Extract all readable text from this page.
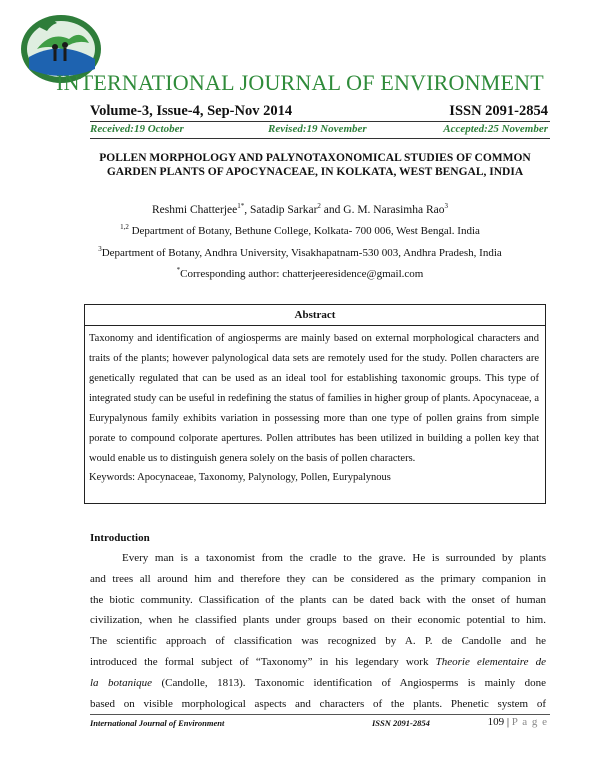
INTERNATIONAL JOURNAL OF ENVIRONMENT
Volume-3, Issue-4, Sep-Nov 2014	ISSN 2091-2854
Received:19 October	Revised:19 November	Accepted:25 November
POLLEN MORPHOLOGY AND PALYNOTAXONOMICAL STUDIES OF COMMON GARDEN PLANTS OF APOCYNACEAE, IN KOLKATA, WEST BENGAL, INDIA
Reshmi Chatterjee$^{1*}$, Satadip Sarkar$^2$ and G. M. Narasimha Rao$^3$
$^{1,2}$ Department of Botany, Bethune College, Kolkata- 700 006, West Bengal. India
$^3$Department of Botany, Andhra University, Visakhapatnam-530 003, Andhra Pradesh, India
*Corresponding author: chatterjeeresidence@gmail.com
Abstract
Taxonomy and identification of angiosperms are mainly based on external morphological characters and traits of the plants; however palynological data sets are remotely used for the study. Pollen characters are genetically regulated that can be used as an ideal tool for establishing taxonomic groups. This type of integrated study can be useful in redefining the status of families in higher group of plants. Apocynaceae, a Eurypalynous family exhibits variation in possessing more than one type of pollen grains from simple porate to compound colporate apertures. Pollen attributes has been utilized in building a pollen key that would enable us to distinguish genera solely on the basis of pollen characters.
Keywords: Apocynaceae, Taxonomy, Palynology, Pollen, Eurypalynous
Introduction
Every man is a taxonomist from the cradle to the grave. He is surrounded by plants
and trees all around him and therefore they can be considered as the primary companion in
the biotic community. Classification of the plants can be dated back with the onset of human
civilization, when he classified plants under groups based on their economic potential to him.
The scientific approach of classification was recognized by A. P. de Candolle and he
introduced the formal subject of “Taxonomy” in his legendary work Theorie elementaire de
la botanique (Candolle, 1813). Taxonomic identification of Angiosperms is mainly done
based on visible morphological aspects and characters of the plants. Phenetic system of
International Journal of Environment	ISSN 2091-2854	109 | P a g e
